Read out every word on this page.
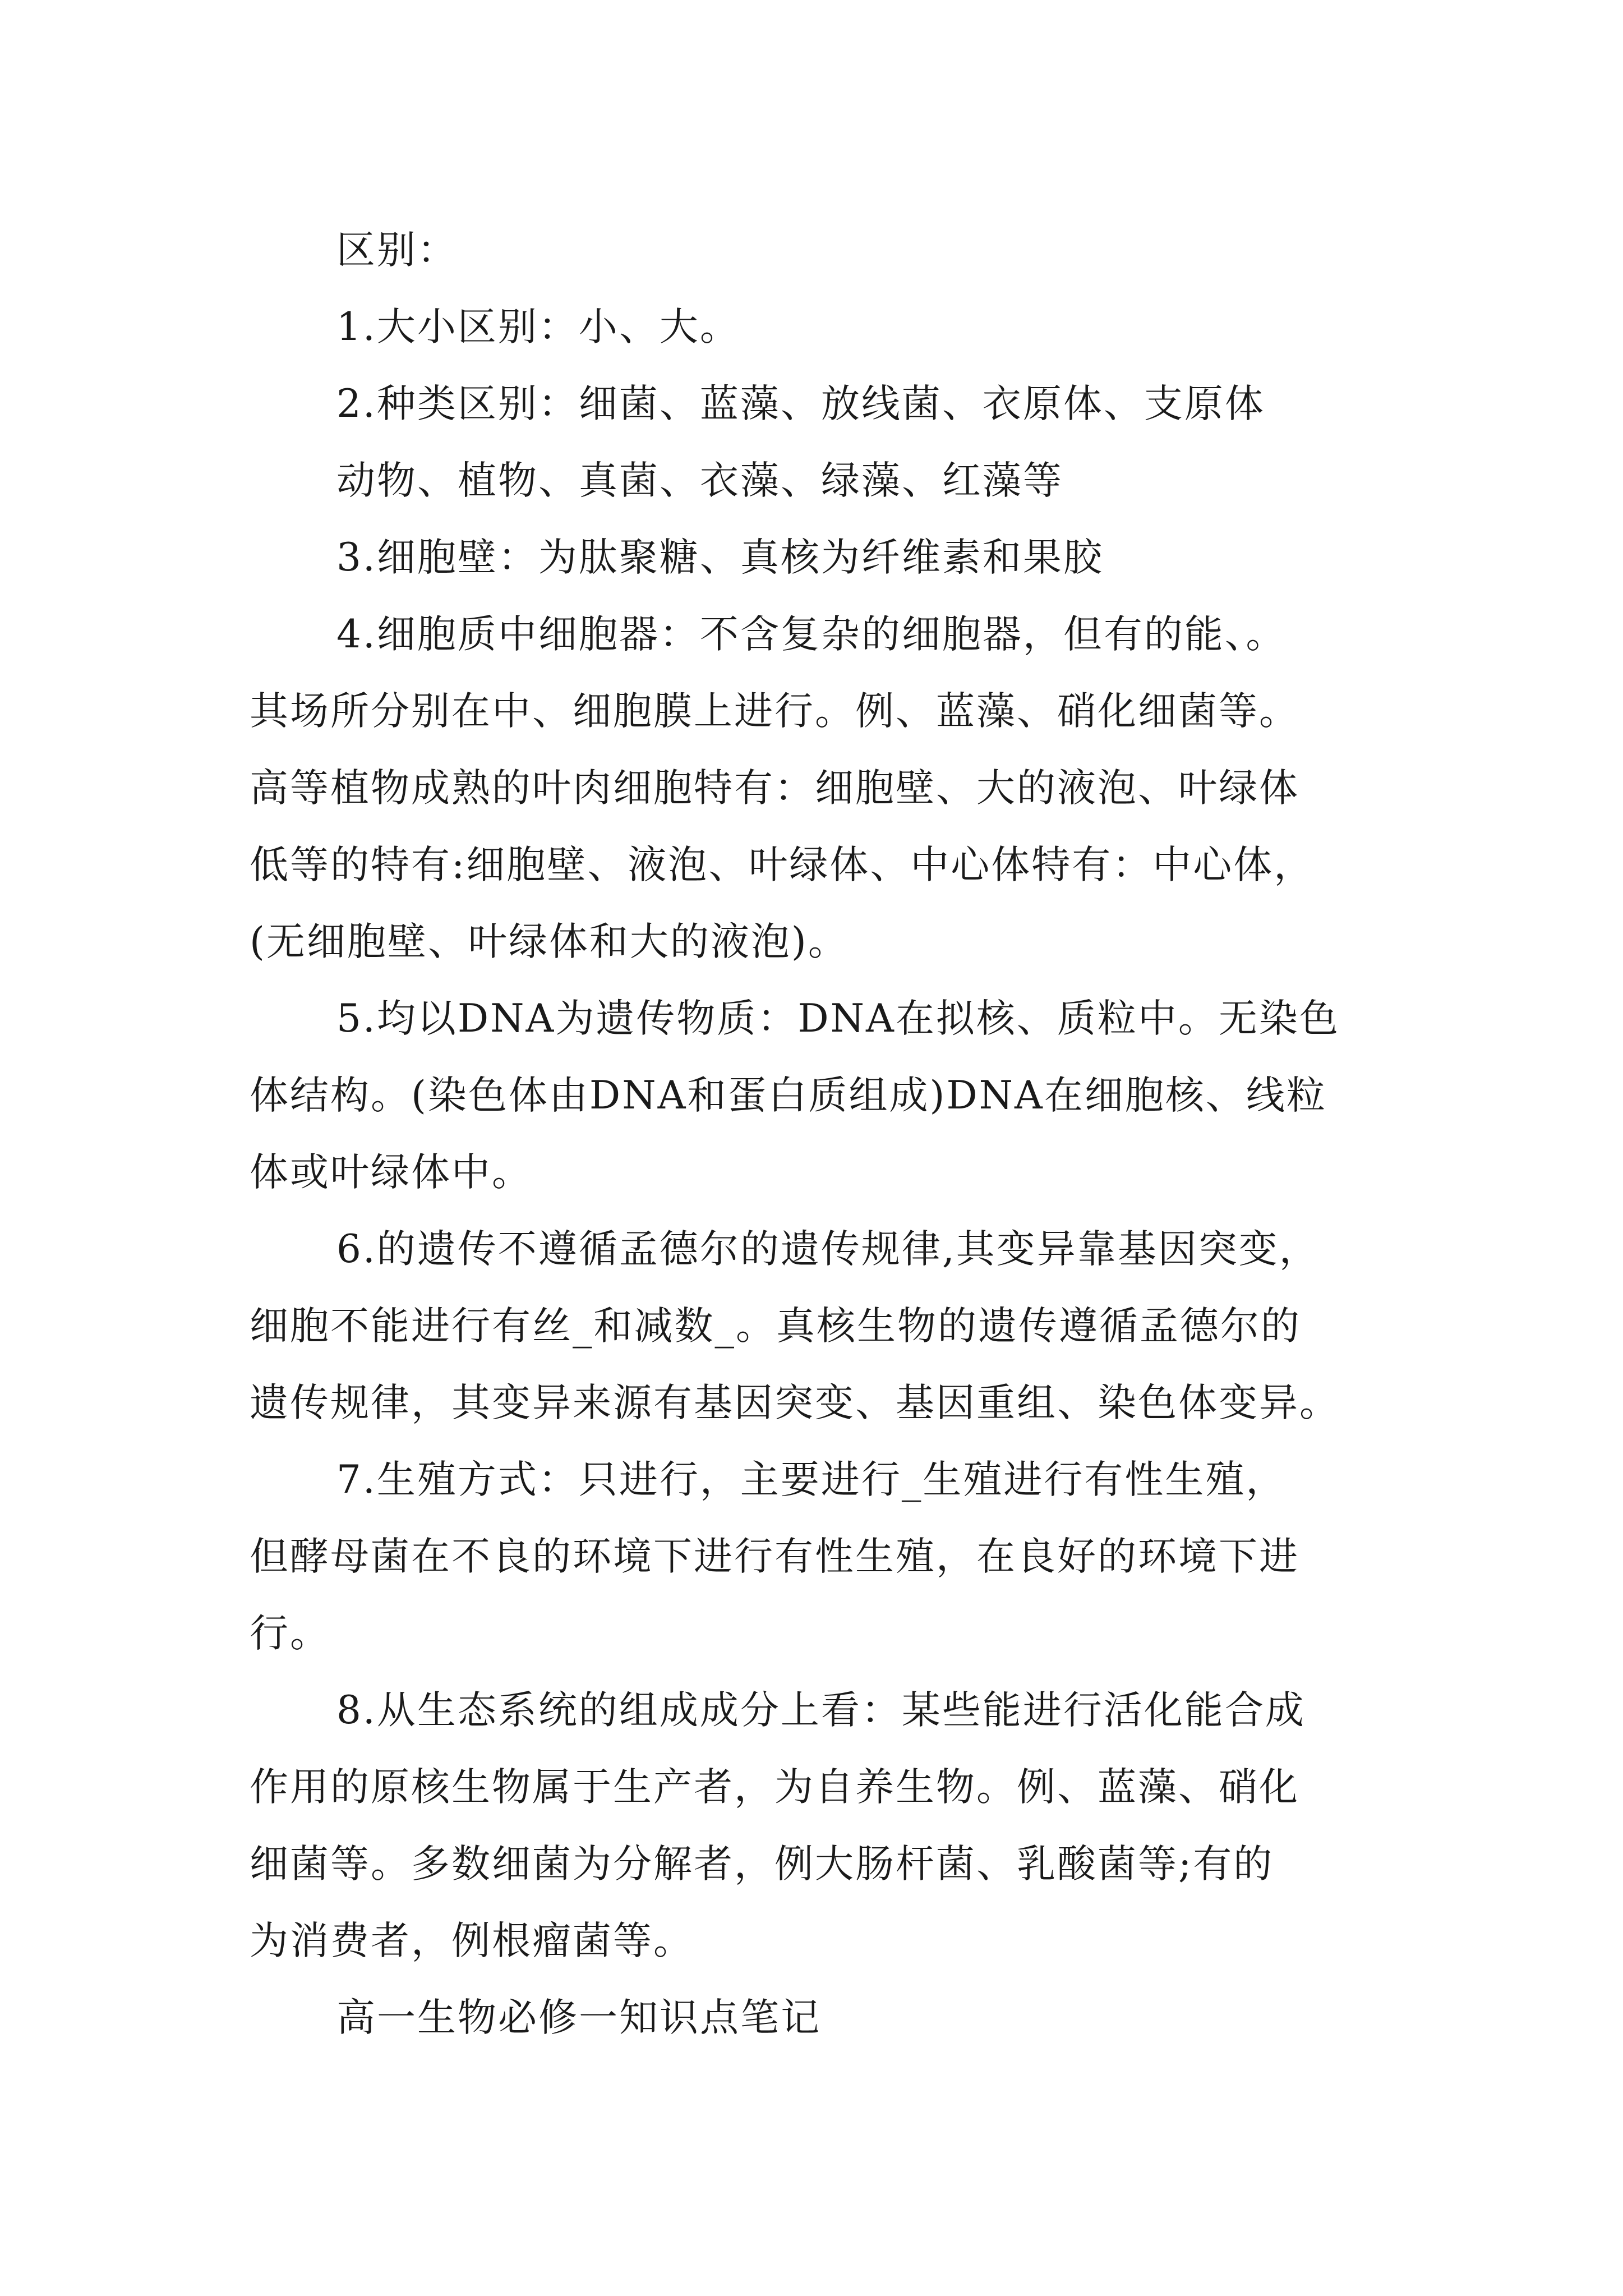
区别：
1.大小区别：小、大。
2.种类区别：细菌、蓝藻、放线菌、衣原体、支原体
动物、植物、真菌、衣藻、绿藻、红藻等
3.细胞壁：为肽聚糖、真核为纤维素和果胶
4.细胞质中细胞器：不含复杂的细胞器，但有的能、。
其场所分别在中、细胞膜上进行。例、蓝藻、硝化细菌等。
高等植物成熟的叶肉细胞特有：细胞壁、大的液泡、叶绿体
低等的特有:细胞壁、液泡、叶绿体、中心体特有：中心体，
(无细胞壁、叶绿体和大的液泡)。
5.均以DNA为遗传物质：DNA在拟核、质粒中。无染色
体结构。(染色体由DNA和蛋白质组成)DNA在细胞核、线粒
体或叶绿体中。
6.的遗传不遵循孟德尔的遗传规律,其变异靠基因突变，
细胞不能进行有丝_和减数_。真核生物的遗传遵循孟德尔的
遗传规律，其变异来源有基因突变、基因重组、染色体变异。
7.生殖方式：只进行，主要进行_生殖进行有性生殖，
但酵母菌在不良的环境下进行有性生殖，在良好的环境下进
行。
8.从生态系统的组成成分上看：某些能进行活化能合成
作用的原核生物属于生产者，为自养生物。例、蓝藻、硝化
细菌等。多数细菌为分解者，例大肠杆菌、乳酸菌等;有的
为消费者，例根瘤菌等。
高一生物必修一知识点笔记
